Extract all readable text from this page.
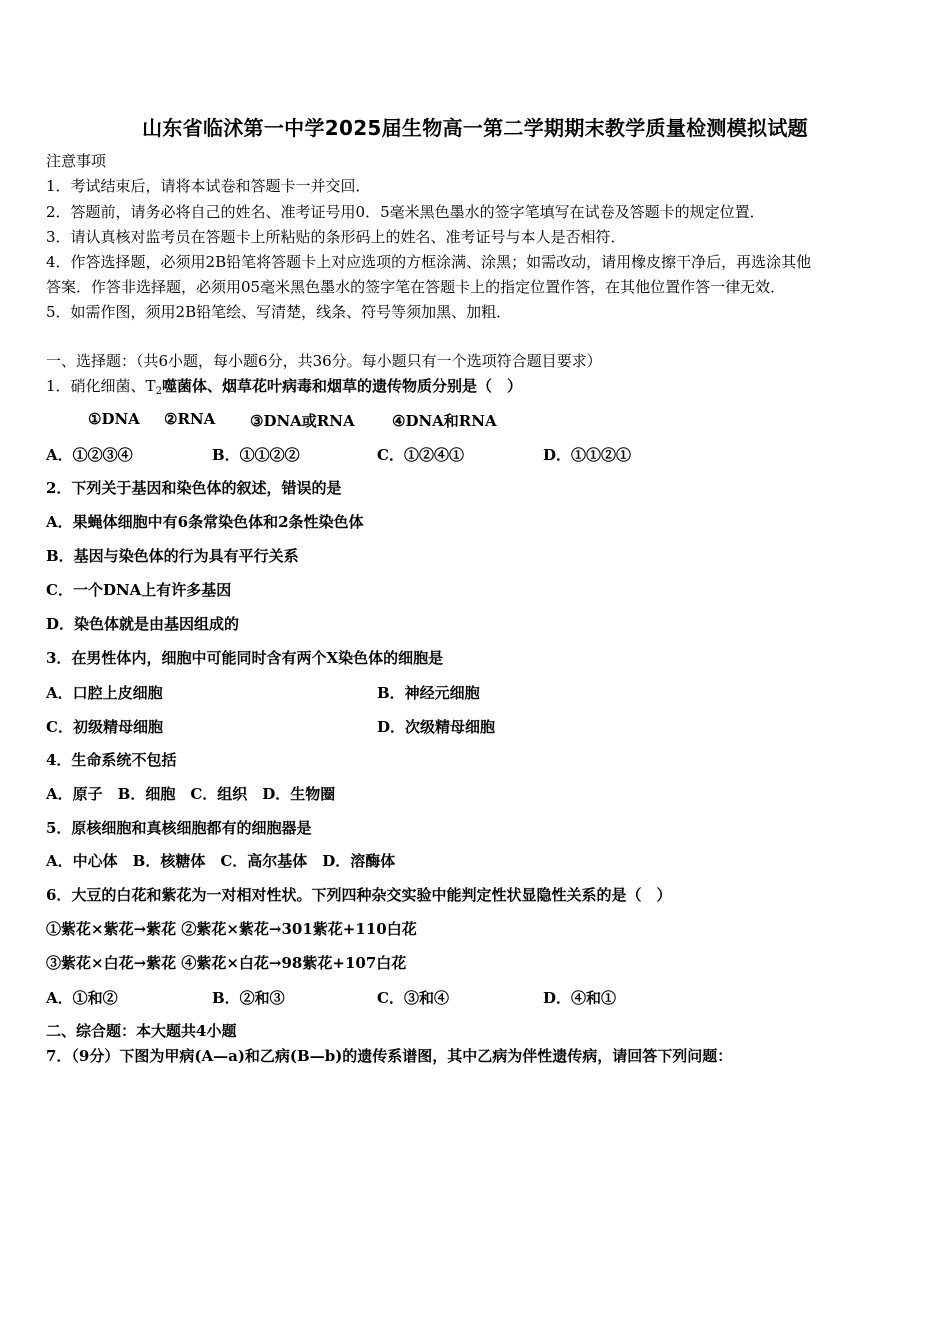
山东省临沭第一中学2025届生物高一第二学期期末教学质量检测模拟试题
注意事项
1．考试结束后，请将本试卷和答题卡一并交回．
2．答题前，请务必将自己的姓名、准考证号用0．5毫米黑色墨水的签字笔填写在试卷及答题卡的规定位置．
3．请认真核对监考员在答题卡上所粘贴的条形码上的姓名、准考证号与本人是否相符．
4．作答选择题，必须用2B铅笔将答题卡上对应选项的方框涂满、涂黑；如需改动，请用橡皮擦干净后，再选涂其他
答案．作答非选择题，必须用05毫米黑色墨水的签字笔在答题卡上的指定位置作答，在其他位置作答一律无效．
5．如需作图，须用2B铅笔绘、写清楚，线条、符号等须加黑、加粗．
一、选择题：（共6小题，每小题6分，共36分。每小题只有一个选项符合题目要求）
1．硝化细菌、$T_2$噬菌体、烟草花叶病毒和烟草的遗传物质分别是（　）
①DNA ②RNA ③DNA或RNA ④DNA和RNA
A．①②③④	B．①①②②	C．①②④①	D．①①②①
2．下列关于基因和染色体的叙述，错误的是
A．果蝇体细胞中有6条常染色体和2条性染色体
B．基因与染色体的行为具有平行关系
C．一个DNA上有许多基因
D．染色体就是由基因组成的
3．在男性体内，细胞中可能同时含有两个X染色体的细胞是
A．口腔上皮细胞	B．神经元细胞
C．初级精母细胞	D．次级精母细胞
4．生命系统不包括
A．原子　B．细胞　C．组织　D．生物圈
5．原核细胞和真核细胞都有的细胞器是
A．中心体　B．核糖体　C．高尔基体　D．溶酶体
6．大豆的白花和紫花为一对相对性状。下列四种杂交实验中能判定性状显隐性关系的是（　）
①紫花×紫花→紫花 ②紫花×紫花→301紫花+110白花
③紫花×白花→紫花 ④紫花×白花→98紫花+107白花
A．①和②	B．②和③	C．③和④	D．④和①
二、综合题：本大题共4小题
7．（9分）下图为甲病(A—a)和乙病(B—b)的遗传系谱图，其中乙病为伴性遗传病，请回答下列问题：
